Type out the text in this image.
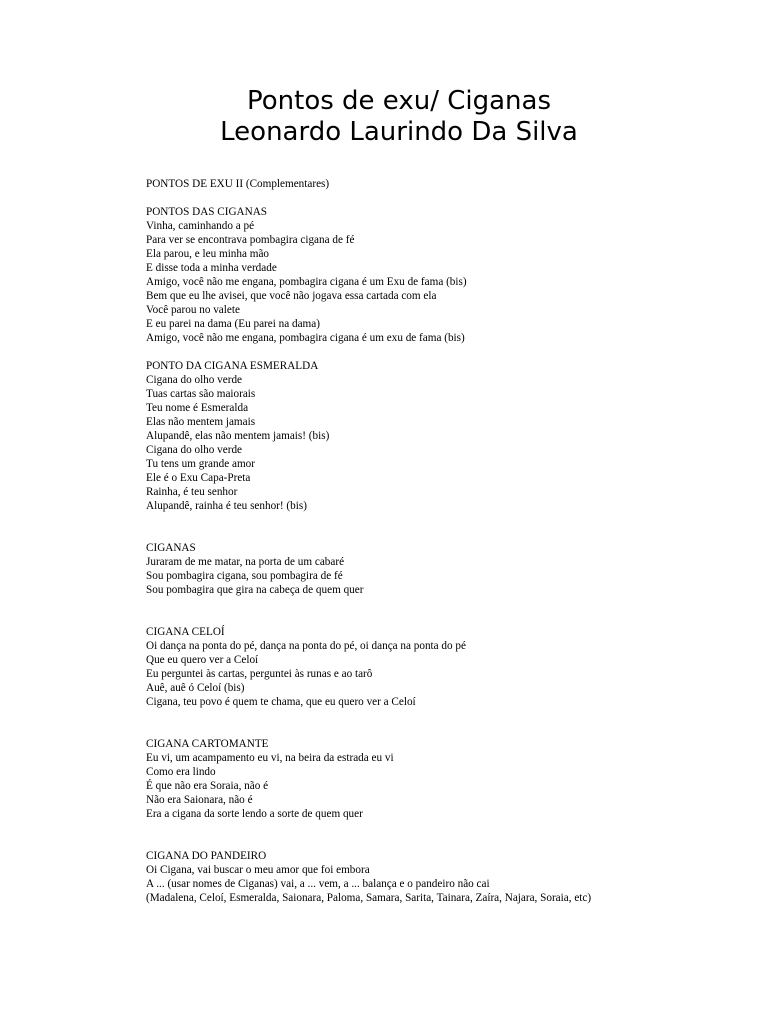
Pontos de exu/ Ciganas
Leonardo Laurindo Da Silva
PONTOS DE EXU II (Complementares)
PONTOS DAS CIGANAS
Vinha, caminhando a pé
Para ver se encontrava pombagira cigana de fé
Ela parou, e leu minha mão
E disse toda a minha verdade
Amigo, você não me engana, pombagira cigana é um Exu de fama (bis)
Bem que eu lhe avisei, que você não jogava essa cartada com ela
Você parou no valete
E eu parei na dama (Eu parei na dama)
Amigo, você não me engana, pombagira cigana é um exu de fama (bis)
PONTO DA CIGANA ESMERALDA
Cigana do olho verde
Tuas cartas são maiorais
Teu nome é Esmeralda
Elas não mentem jamais
Alupandê, elas não mentem jamais! (bis)
Cigana do olho verde
Tu tens um grande amor
Ele é o Exu Capa-Preta
Rainha, é teu senhor
Alupandê, rainha é teu senhor! (bis)
CIGANAS
Juraram de me matar, na porta de um cabaré
Sou pombagira cigana, sou pombagira de fé
Sou pombagira que gira na cabeça de quem quer
CIGANA CELOÍ
Oi dança na ponta do pé, dança na ponta do pé, oi dança na ponta do pé
Que eu quero ver a Celoí
Eu perguntei às cartas, perguntei às runas e ao tarô
Auê, auê ó Celoí (bis)
Cigana, teu povo é quem te chama, que eu quero ver a Celoí
CIGANA CARTOMANTE
Eu vi, um acampamento eu vi, na beira da estrada eu vi
Como era lindo
É que não era Soraia, não é
Não era Saionara, não é
Era a cigana da sorte lendo a sorte de quem quer
CIGANA DO PANDEIRO
Oi Cigana, vai buscar o meu amor que foi embora
A ... (usar nomes de Ciganas) vai, a ... vem, a ... balança e o pandeiro não cai
(Madalena, Celoí, Esmeralda, Saionara, Paloma, Samara, Sarita, Tainara, Zaíra, Najara, Soraia, etc)
